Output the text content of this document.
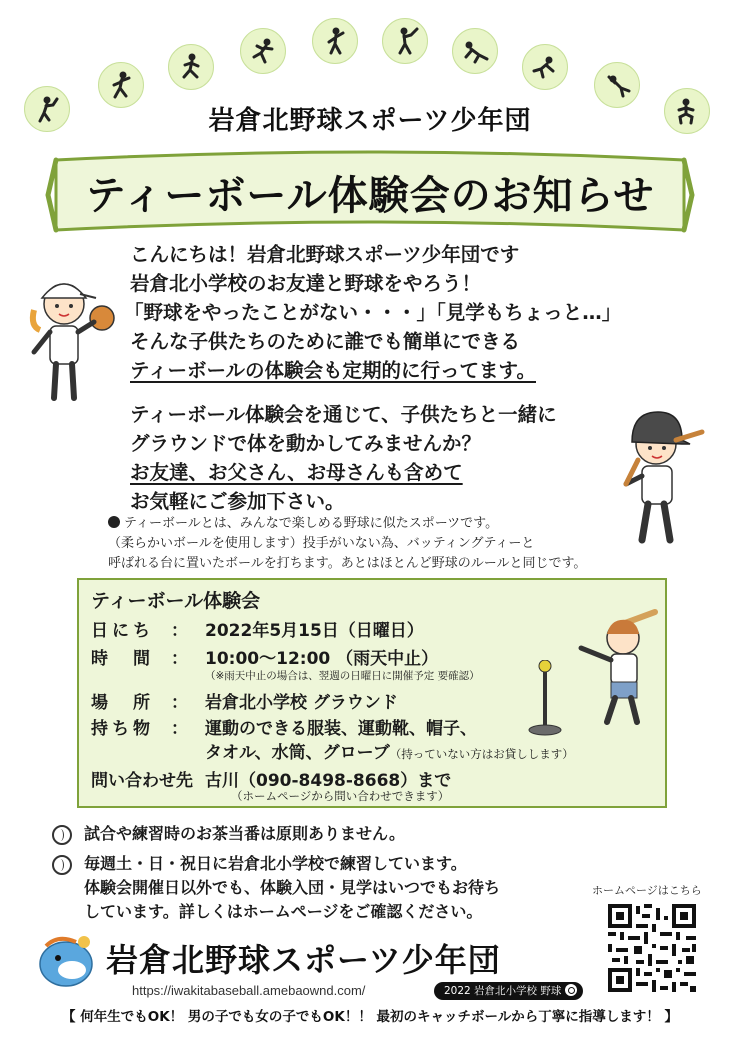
岩倉北野球スポーツ少年団
ティーボール体験会のお知らせ
こんにちは！岩倉北野球スポーツ少年団です
岩倉北小学校のお友達と野球をやろう！
「野球をやったことがない・・・」「見学もちょっと…」
そんな子供たちのために誰でも簡単にできる
ティーボールの体験会も定期的に行ってます。
ティーボール体験会を通じて、子供たちと一緒に
グラウンドで体を動かしてみませんか？
お友達、お父さん、お母さんも含めて
お気軽にご参加下さい。
ティーボールとは、みんなで楽しめる野球に似たスポーツです。
（柔らかいボールを使用します）投手がいない為、バッティングティーと
呼ばれる台に置いたボールを打ちます。あとはほとんど野球のルールと同じです。
ティーボール体験会
日にち ： 2022年5月15日（日曜日）
時　間 ： 10:00～12:00 （雨天中止）
（※雨天中止の場合は、翌週の日曜日に開催予定 要確認）
場　所 ： 岩倉北小学校 グラウンド
持ち物 ： 運動のできる服装、運動靴、帽子、
タオル、水筒、グローブ（持っていない方はお貸しします）
問い合わせ先 古川（090-8498-8668）まで
（ホームページから問い合わせできます）
試合や練習時のお茶当番は原則ありません。
毎週土・日・祝日に岩倉北小学校で練習しています。
体験会開催日以外でも、体験入団・見学はいつでもお待ち
しています。詳しくはホームページをご確認ください。
ホームページはこちら
岩倉北野球スポーツ少年団
https://iwakitabaseball.amebaownd.com/	2022 岩倉北小学校 野球
【 何年生でもOK！ 男の子でも女の子でもOK！！ 最初のキャッチボールから丁寧に指導します！ 】
